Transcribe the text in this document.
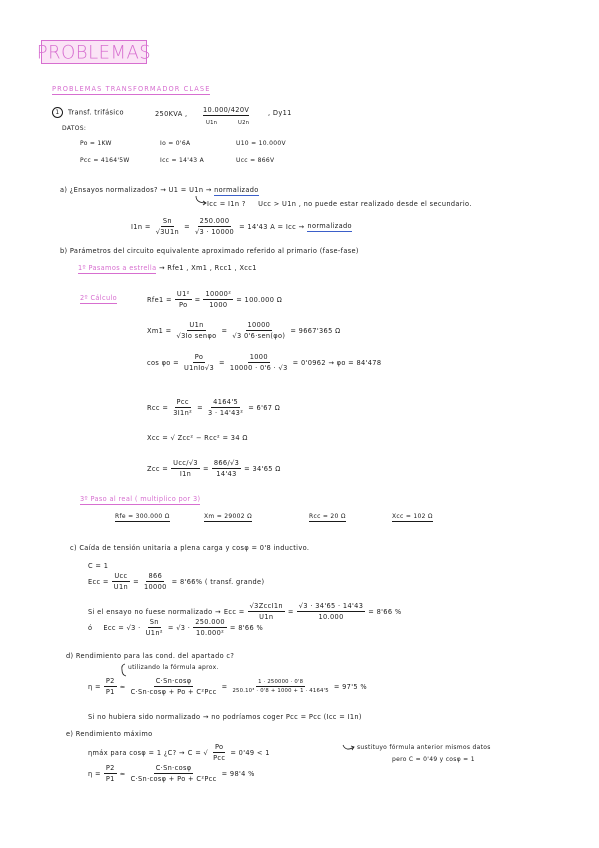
PROBLEMAS
PROBLEMAS TRANSFORMADOR CLASE
1 Transf. trifásico	250KVA , 10.000/420V
U1n	U2n
, Dy11
DATOS:
Po = 1KW	Io = 0'6A	U10 = 10.000V
Pcc = 4164'5W	Icc = 14'43 A	Ucc = 866V
a) ¿Ensayos normalizados? → U1 = U1n → normalizado
Icc = I1n ? Ucc > U1n , no puede estar realizado desde el secundario.
$I1n = \frac{Sn}{√3U1n} = \frac{250.000}{√3 \cdot 10000} = 14'43$ A = Icc → normalizado
b) Parámetros del circuito equivalente aproximado referido al primario (fase-fase)
1º Pasamos a estrella → Rfe1 , Xm1 , Rcc1 , Xcc1
2º Cálculo	$Rfe1 = \frac{\text{U1²}}{Po} = \frac{\text{10000²}}{1000} = 100.000$ Ω
$Xm1 = \frac{U1n}{\text{√3Io senφo}} = \frac{10000}{\text{√3 0'6·sen(φo)}} = 9667'365$ Ω
$\cos \varphi o = \frac{Po}{\text{U1nIo√3}} = \frac{1000}{10000 \cdot 0'6 \cdot √3} = 0'0962 \to \varphi o = 84'478$
Rcc = $\frac{\text{Pcc}}{\text{3I1n²}} = \frac{4164'5}{\text{3 · 14'43²}} = 6'67$ Ω
Xcc = √ Zcc² − Rcc² = 34 Ω
Zcc = $\frac{\text{Ucc/√3}}{I1n} = \frac{866/√3}{14'43} = 34'65$ Ω
3º Paso al real ( multiplico por 3)
Rfe = 300.000 Ω	Xm = 29002 Ω	Rcc = 20 Ω	Xcc = 102 Ω
c) Caída de tensión unitaria a plena carga y cosφ = 0'8 inductivo.
C = 1
Ecc = $\frac{\text{Ucc}}{U1n} = \frac{866}{10000} = 8'66\%$ ( transf. grande)
Si el ensayo no fuese normalizado → Ecc = $\frac{\text{√3ZccI1n}}{U1n} = \frac{√3 \cdot 34'65 \cdot 14'43}{10.000} = 8'66$ %
ó Ecc = $√3 \cdot \frac{Sn}{\text{U1n²}} = √3 \cdot \frac{250.000}{\text{10.000²}} = 8'66$ %
d) Rendimiento para las cond. del apartado c?
utilizando la fórmula aprox.
$\eta = \frac{P2}{P1} \approx \frac{C\cdot Sn\cdot\cos\varphi}{\text{C·Sn·cosφ + Po + C²Pcc}} = \frac{1 \cdot 250000 \cdot 0'8}{\text{250.10³ · 0'8 + 1000 + 1 · 4164'5}} = 97'5$ %
Si no hubiera sido normalizado → no podríamos coger Pcc = Pcc (Icc = I1n)
e) Rendimiento máximo
ηmáx para cosφ = 1 ¿C? → C = √ $\frac{Po}{\text{Pcc}} = 0'49 < 1$
sustituyo fórmula anterior mismos datos
pero C = 0'49 y cosφ = 1
$\eta = \frac{P2}{P1} \approx \frac{C\cdot Sn\cdot\cos\varphi}{\text{C·Sn·cosφ + Po + C²Pcc}} = 98'4$ %
